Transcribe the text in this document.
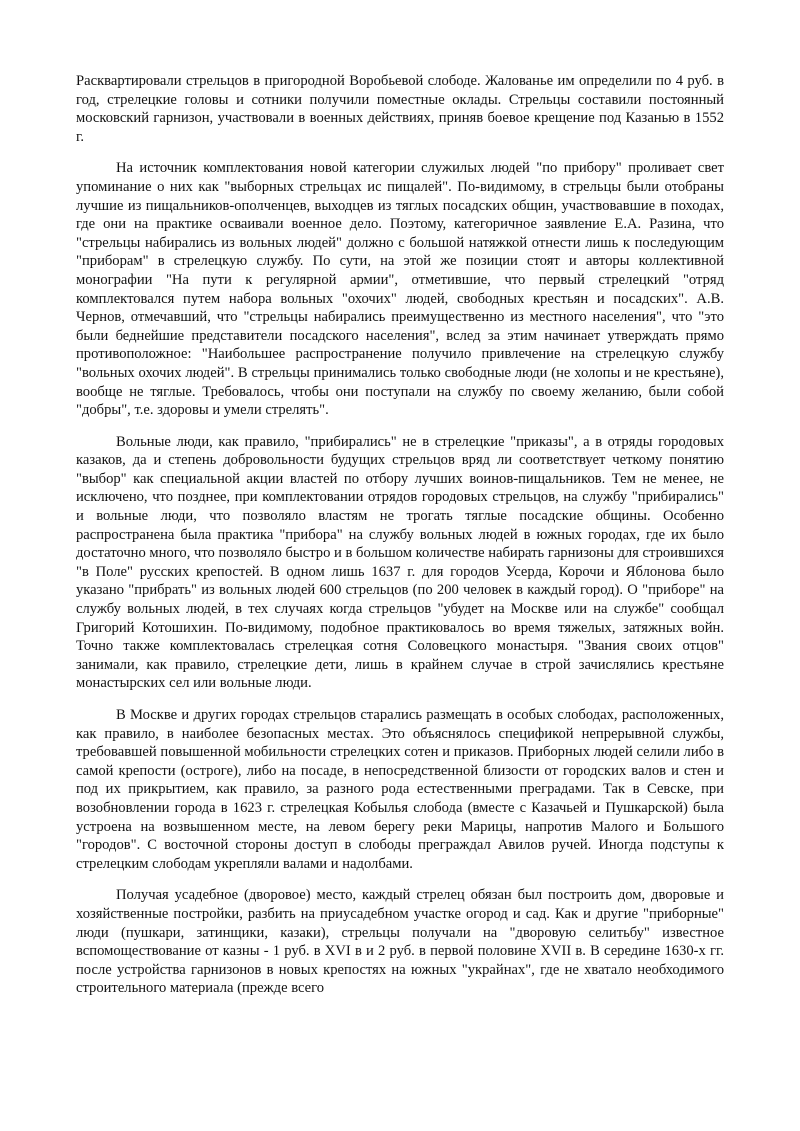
Расквартировали стрельцов в пригородной Воробьевой слободе. Жалованье им определили по 4 руб. в год, стрелецкие головы и сотники получили поместные оклады. Стрельцы составили постоянный московский гарнизон, участвовали в военных действиях, приняв боевое крещение под Казанью в 1552 г.

На источник комплектования новой категории служилых людей "по прибору" проливает свет упоминание о них как "выборных стрельцах ис пищалей". По-видимому, в стрельцы были отобраны лучшие из пищальников-ополченцев, выходцев из тяглых посадских общин, участвовавшие в походах, где они на практике осваивали военное дело. Поэтому, категоричное заявление Е.А. Разина, что "стрельцы набирались из вольных людей" должно с большой натяжкой отнести лишь к последующим "приборам" в стрелецкую службу. По сути, на этой же позиции стоят и авторы коллективной монографии "На пути к регулярной армии", отметившие, что первый стрелецкий "отряд комплектовался путем набора вольных "охочих" людей, свободных крестьян и посадских". А.В. Чернов, отмечавший, что "стрельцы набирались преимущественно из местного населения", что "это были беднейшие представители посадского населения", вслед за этим начинает утверждать прямо противоположное: "Наибольшее распространение получило привлечение на стрелецкую службу "вольных охочих людей". В стрельцы принимались только свободные люди (не холопы и не крестьяне), вообще не тяглые. Требовалось, чтобы они поступали на службу по своему желанию, были собой "добры", т.е. здоровы и умели стрелять".

Вольные люди, как правило, "прибирались" не в стрелецкие "приказы", а в отряды городовых казаков, да и степень добровольности будущих стрельцов вряд ли соответствует четкому понятию "выбор" как специальной акции властей по отбору лучших воинов-пищальников. Тем не менее, не исключено, что позднее, при комплектовании отрядов городовых стрельцов, на службу "прибирались" и вольные люди, что позволяло властям не трогать тяглые посадские общины. Особенно распространена была практика "прибора" на службу вольных людей в южных городах, где их было достаточно много, что позволяло быстро и в большом количестве набирать гарнизоны для строившихся "в Поле" русских крепостей. В одном лишь 1637 г. для городов Усерда, Корочи и Яблонова было указано "прибрать" из вольных людей 600 стрельцов (по 200 человек в каждый город). О "приборе" на службу вольных людей, в тех случаях когда стрельцов "убудет на Москве или на службе" сообщал Григорий Котошихин. По-видимому, подобное практиковалось во время тяжелых, затяжных войн. Точно также комплектовалась стрелецкая сотня Соловецкого монастыря. "Звания своих отцов" занимали, как правило, стрелецкие дети, лишь в крайнем случае в строй зачислялись крестьяне монастырских сел или вольные люди.

В Москве и других городах стрельцов старались размещать в особых слободах, расположенных, как правило, в наиболее безопасных местах. Это объяснялось спецификой непрерывной службы, требовавшей повышенной мобильности стрелецких сотен и приказов. Приборных людей селили либо в самой крепости (остроге), либо на посаде, в непосредственной близости от городских валов и стен и под их прикрытием, как правило, за разного рода естественными преградами. Так в Севске, при возобновлении города в 1623 г. стрелецкая Кобылья слобода (вместе с Казачьей и Пушкарской) была устроена на возвышенном месте, на левом берегу реки Марицы, напротив Малого и Большого "городов". С восточной стороны доступ в слободы преграждал Авилов ручей. Иногда подступы к стрелецким слободам укрепляли валами и надолбами.

Получая усадебное (дворовое) место, каждый стрелец обязан был построить дом, дворовые и хозяйственные постройки, разбить на приусадебном участке огород и сад. Как и другие "приборные" люди (пушкари, затинщики, казаки), стрельцы получали на "дворовую селитьбу" известное вспомоществование от казны - 1 руб. в XVI в и 2 руб. в первой половине XVII в. В середине 1630-х гг. после устройства гарнизонов в новых крепостях на южных "украйнах", где не хватало необходимого строительного материала (прежде всего
